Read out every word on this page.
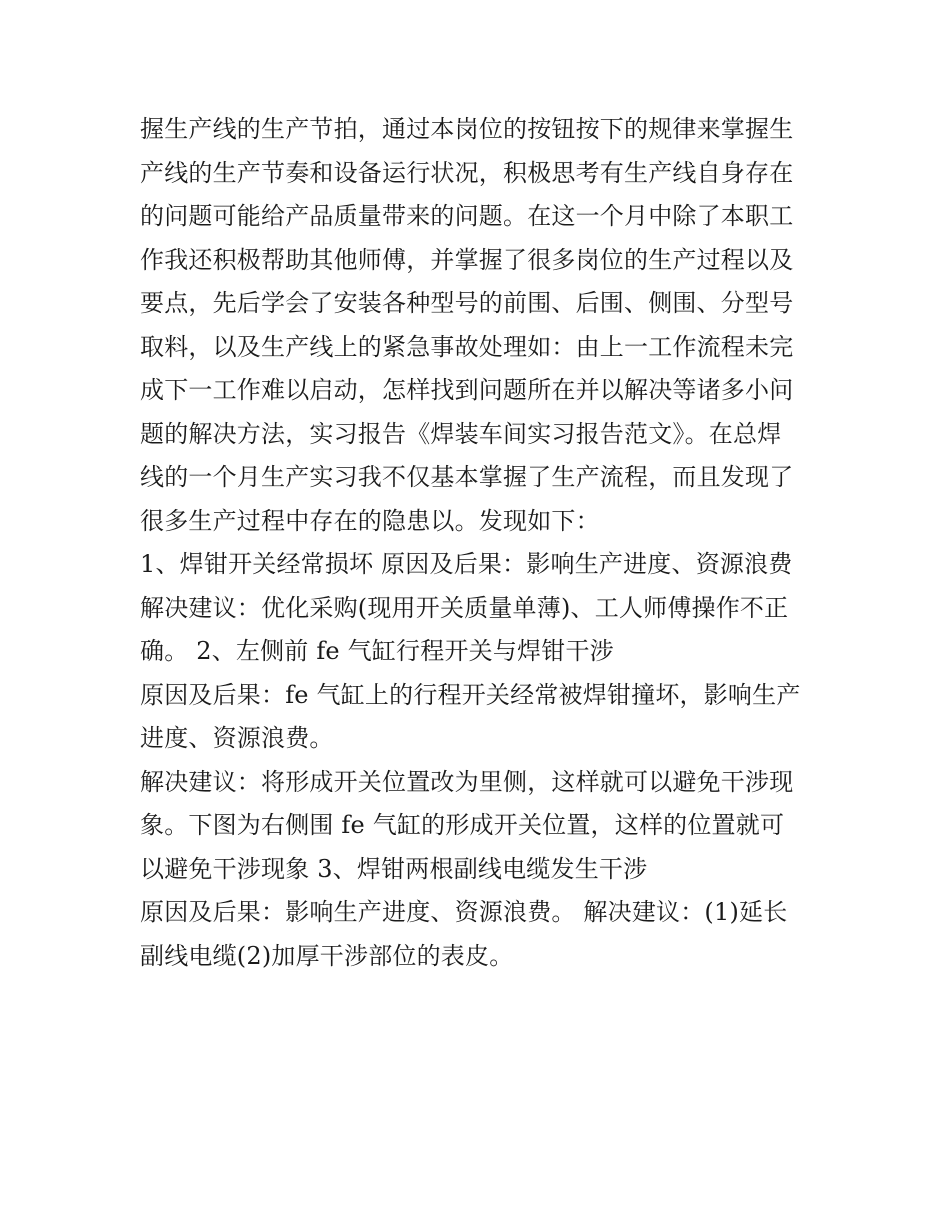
握生产线的生产节拍，通过本岗位的按钮按下的规律来掌握生
产线的生产节奏和设备运行状况，积极思考有生产线自身存在
的问题可能给产品质量带来的问题。在这一个月中除了本职工
作我还积极帮助其他师傅，并掌握了很多岗位的生产过程以及
要点，先后学会了安装各种型号的前围、后围、侧围、分型号
取料，以及生产线上的紧急事故处理如：由上一工作流程未完
成下一工作难以启动，怎样找到问题所在并以解决等诸多小问
题的解决方法，实习报告《焊装车间实习报告范文》。在总焊
线的一个月生产实习我不仅基本掌握了生产流程，而且发现了
很多生产过程中存在的隐患以。发现如下：
1、焊钳开关经常损坏 原因及后果：影响生产进度、资源浪费
解决建议：优化采购(现用开关质量单薄)、工人师傅操作不正
确。 2、左侧前 fe 气缸行程开关与焊钳干涉
原因及后果：fe 气缸上的行程开关经常被焊钳撞坏，影响生产
进度、资源浪费。
解决建议：将形成开关位置改为里侧，这样就可以避免干涉现
象。下图为右侧围 fe 气缸的形成开关位置，这样的位置就可
以避免干涉现象 3、焊钳两根副线电缆发生干涉
原因及后果：影响生产进度、资源浪费。 解决建议：(1)延长
副线电缆(2)加厚干涉部位的表皮。
